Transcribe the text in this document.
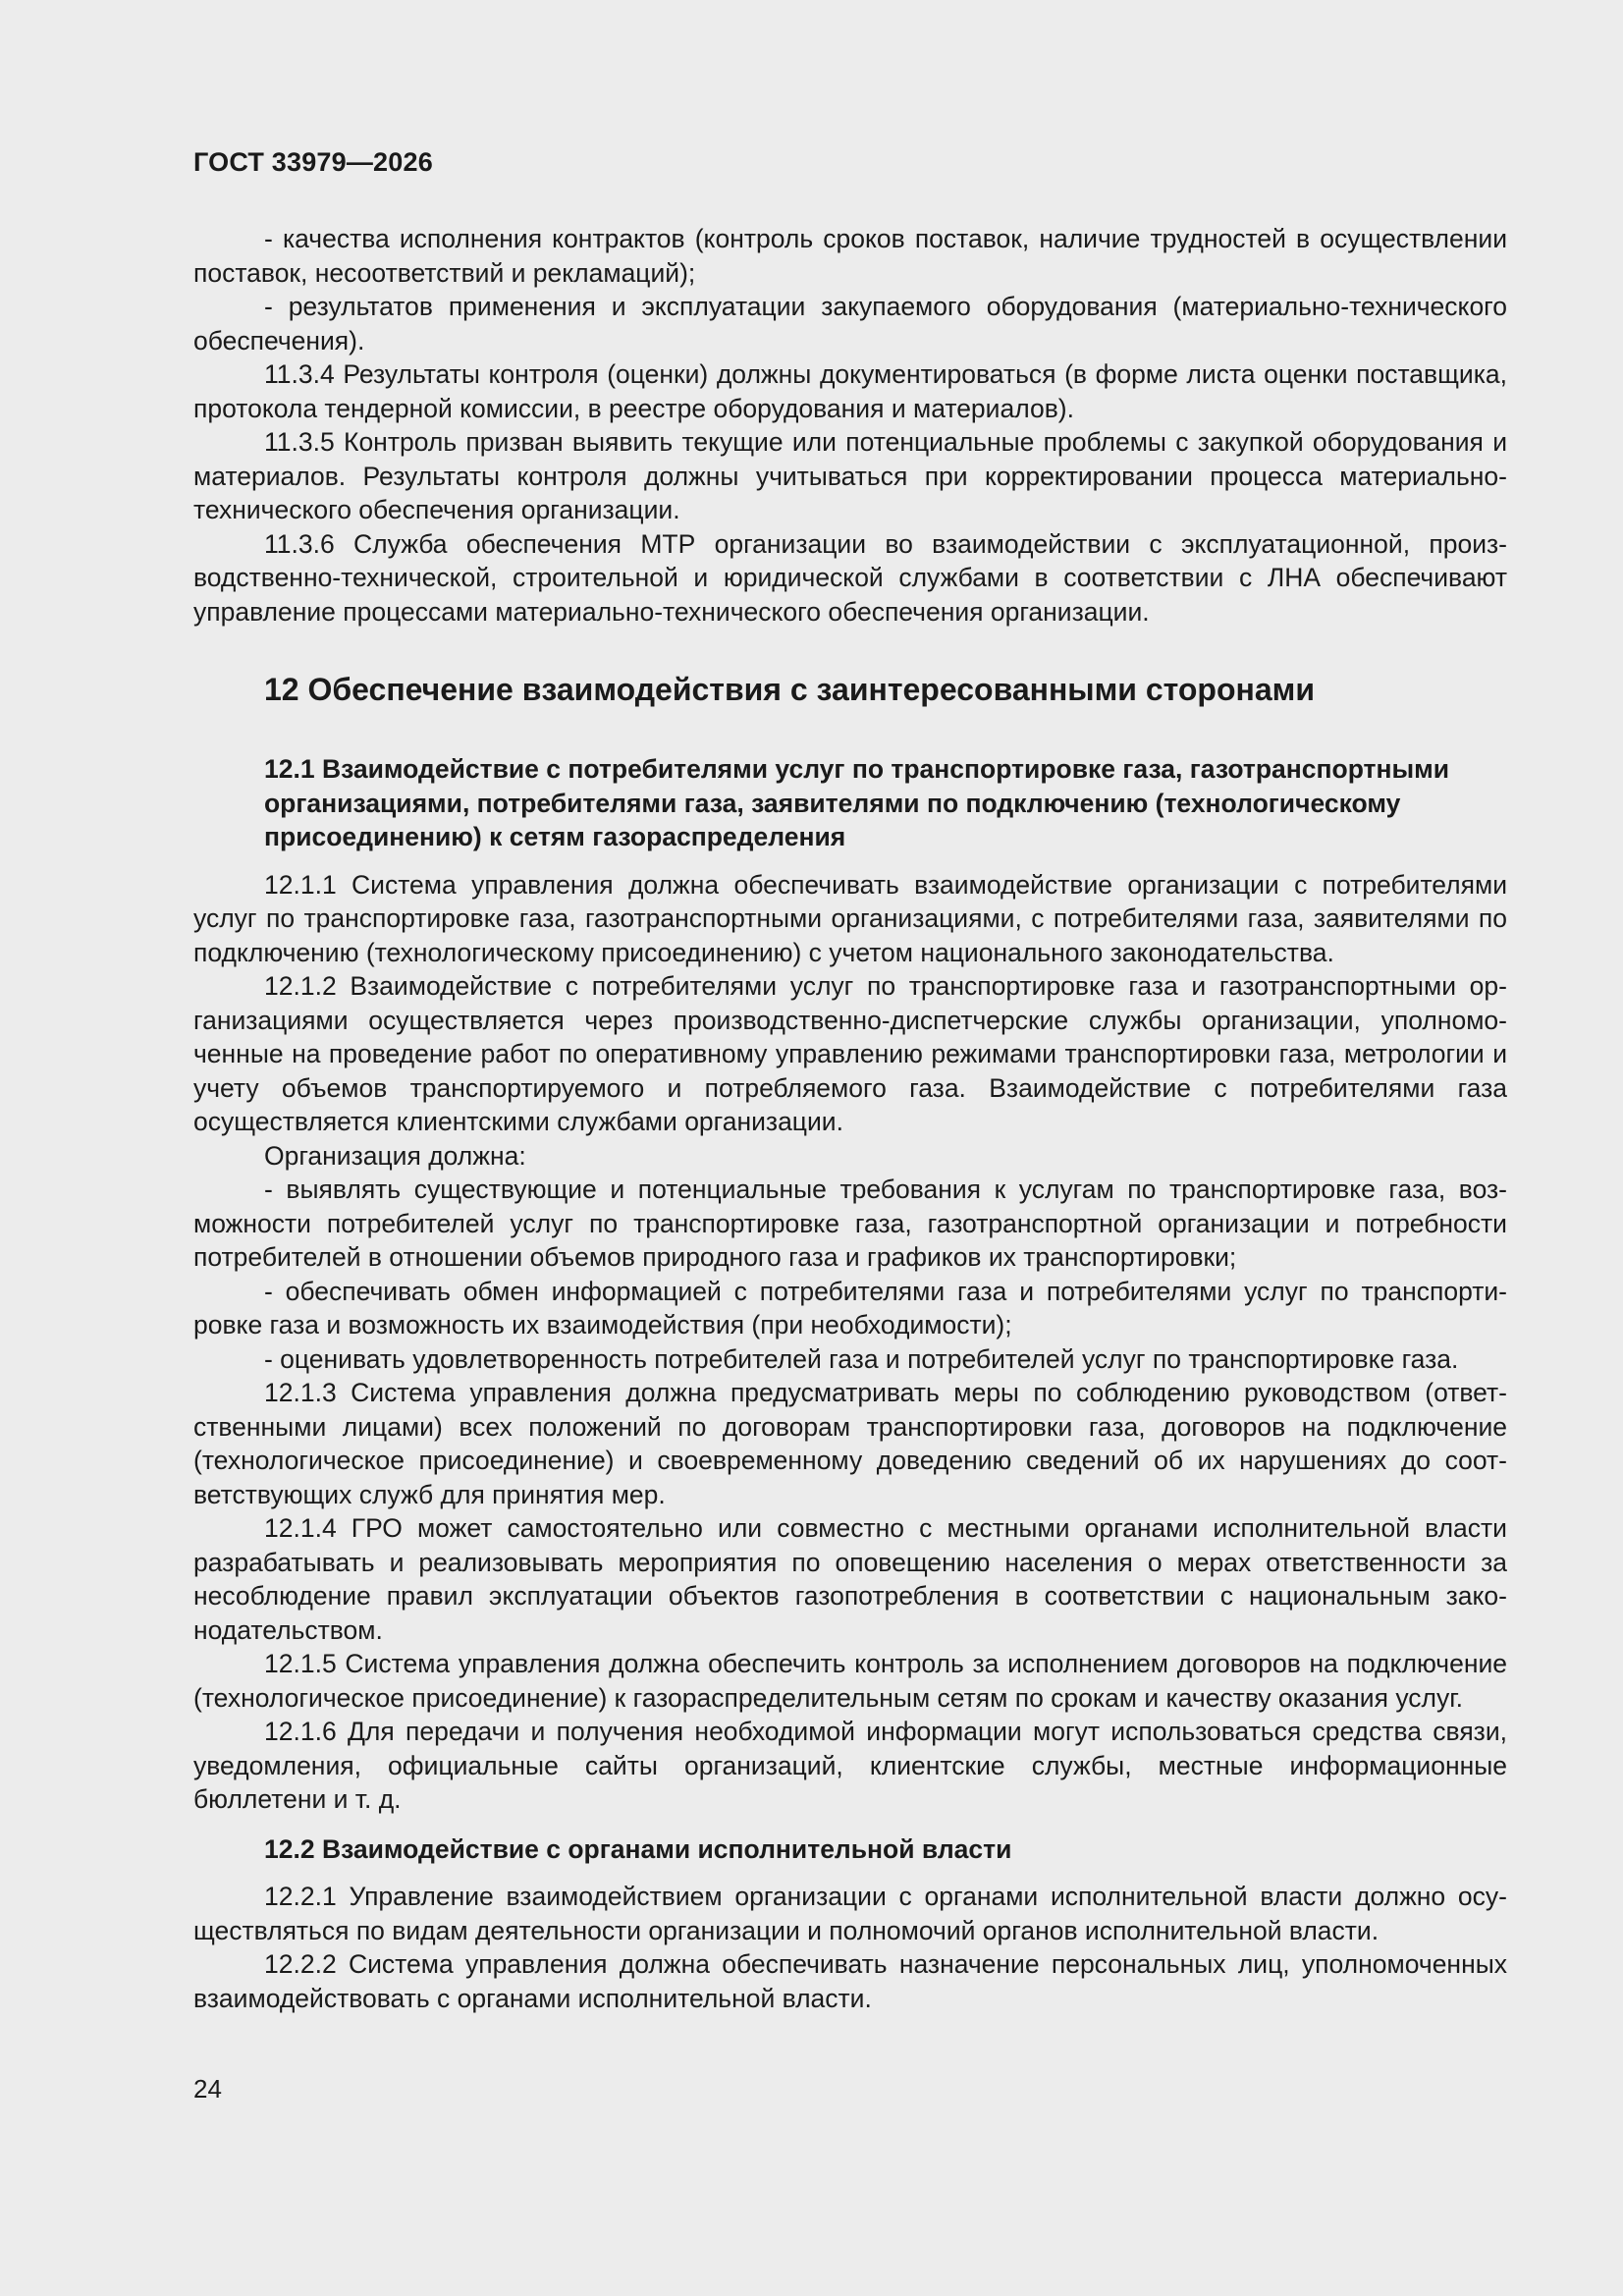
ГОСТ 33979—2026

- качества исполнения контрактов (контроль сроков поставок, наличие трудностей в осуществлении поставок, несоответствий и рекламаций);

- результатов применения и эксплуатации закупаемого оборудования (материально-технического обеспечения).

11.3.4 Результаты контроля (оценки) должны документироваться (в форме листа оценки поставщика, протокола тендерной комиссии, в реестре оборудования и материалов).

11.3.5 Контроль призван выявить текущие или потенциальные проблемы с закупкой оборудования и материалов. Результаты контроля должны учитываться при корректировании процесса материально-технического обеспечения организации.

11.3.6 Служба обеспечения МТР организации во взаимодействии с эксплуатационной, производственно-технической, строительной и юридической службами в соответствии с ЛНА обеспечивают управление процессами материально-технического обеспечения организации.

12 Обеспечение взаимодействия с заинтересованными сторонами
12.1 Взаимодействие с потребителями услуг по транспортировке газа, газотранспортными организациями, потребителями газа, заявителями по подключению (технологическому присоединению) к сетям газораспределения

12.1.1 Система управления должна обеспечивать взаимодействие организации с потребителями услуг по транспортировке газа, газотранспортными организациями, с потребителями газа, заявителями по подключению (технологическому присоединению) с учетом национального законодательства.

12.1.2 Взаимодействие с потребителями услуг по транспортировке газа и газотранспортными организациями осуществляется через производственно-диспетчерские службы организации, уполномоченные на проведение работ по оперативному управлению режимами транспортировки газа, метрологии и учету объемов транспортируемого и потребляемого газа. Взаимодействие с потребителями газа осуществляется клиентскими службами организации.

Организация должна:

- выявлять существующие и потенциальные требования к услугам по транспортировке газа, возможности потребителей услуг по транспортировке газа, газотранспортной организации и потребности потребителей в отношении объемов природного газа и графиков их транспортировки;

- обеспечивать обмен информацией с потребителями газа и потребителями услуг по транспортировке газа и возможность их взаимодействия (при необходимости);

- оценивать удовлетворенность потребителей газа и потребителей услуг по транспортировке газа.

12.1.3 Система управления должна предусматривать меры по соблюдению руководством (ответственными лицами) всех положений по договорам транспортировки газа, договоров на подключение (технологическое присоединение) и своевременному доведению сведений об их нарушениях до соответствующих служб для принятия мер.

12.1.4 ГРО может самостоятельно или совместно с местными органами исполнительной власти разрабатывать и реализовывать мероприятия по оповещению населения о мерах ответственности за несоблюдение правил эксплуатации объектов газопотребления в соответствии с национальным законодательством.

12.1.5 Система управления должна обеспечить контроль за исполнением договоров на подключение (технологическое присоединение) к газораспределительным сетям по срокам и качеству оказания услуг.

12.1.6 Для передачи и получения необходимой информации могут использоваться средства связи, уведомления, официальные сайты организаций, клиентские службы, местные информационные бюллетени и т. д.

12.2 Взаимодействие с органами исполнительной власти

12.2.1 Управление взаимодействием организации с органами исполнительной власти должно осуществляться по видам деятельности организации и полномочий органов исполнительной власти.

12.2.2 Система управления должна обеспечивать назначение персональных лиц, уполномоченных взаимодействовать с органами исполнительной власти.

24
